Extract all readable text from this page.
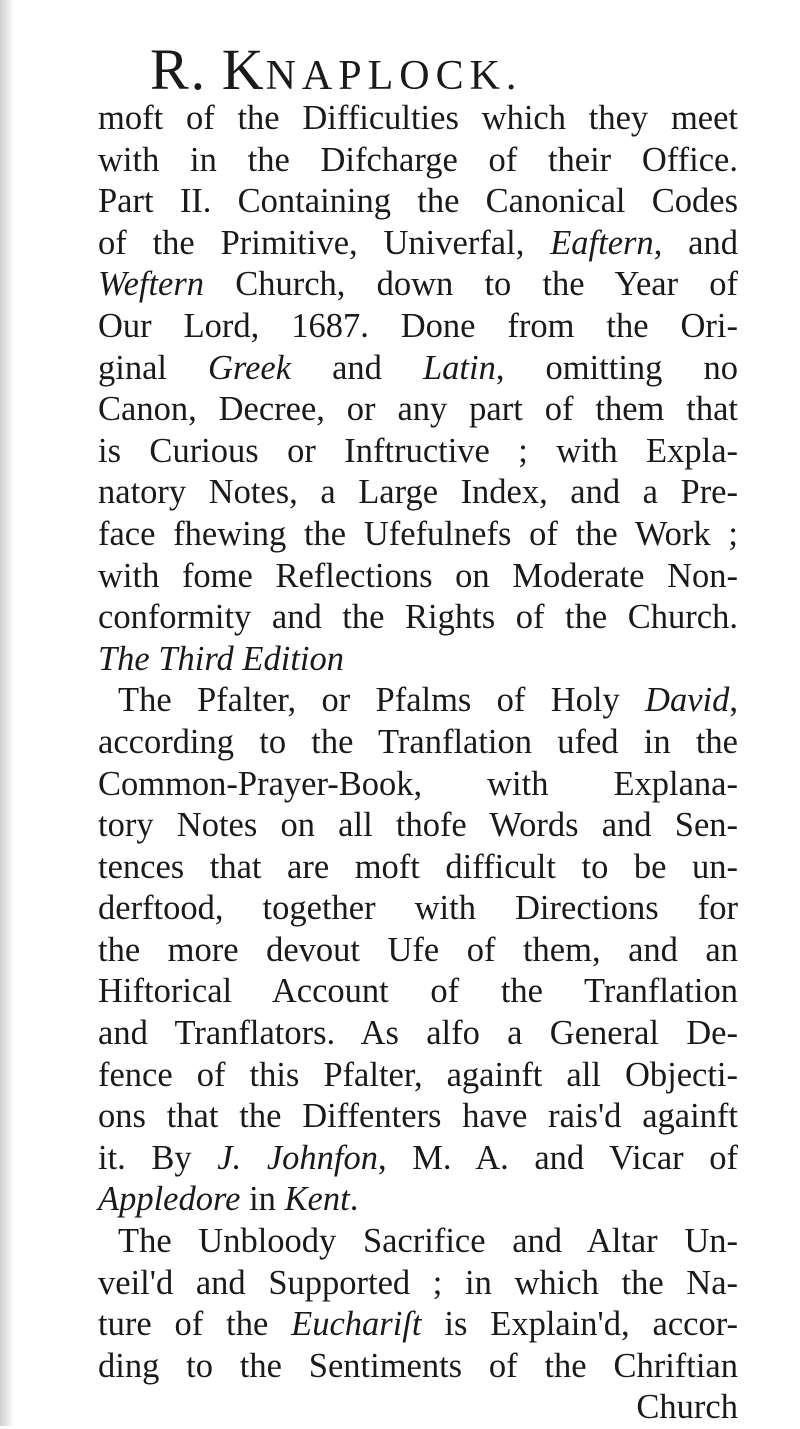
R. KNAPLOCK.
moft of the Difficulties which they meet
with in the Difcharge of their Office.
Part II. Containing the Canonical Codes
of the Primitive, Univerfal, Eaftern, and
Weftern Church, down to the Year of
Our Lord, 1687. Done from the Ori-
ginal Greek and Latin, omitting no
Canon, Decree, or any part of them that
is Curious or Inftructive ; with Expla-
natory Notes, a Large Index, and a Pre-
face fhewing the Ufefulnefs of the Work ;
with fome Reflections on Moderate Non-
conformity and the Rights of the Church.
The Third Edition
The Pfalter, or Pfalms of Holy David,
according to the Tranflation ufed in the
Common-Prayer-Book, with Explana-
tory Notes on all thofe Words and Sen-
tences that are moft difficult to be un-
derftood, together with Directions for
the more devout Ufe of them, and an
Hiftorical Account of the Tranflation
and Tranflators. As alfo a General De-
fence of this Pfalter, againft all Objecti-
ons that the Diffenters have rais'd againft
it. By J. Johnfon, M. A. and Vicar of
Appledore in Kent.
The Unbloody Sacrifice and Altar Un-
veil'd and Supported ; in which the Na-
ture of the Euchariſt is Explain'd, accor-
ding to the Sentiments of the Chriftian
Church
